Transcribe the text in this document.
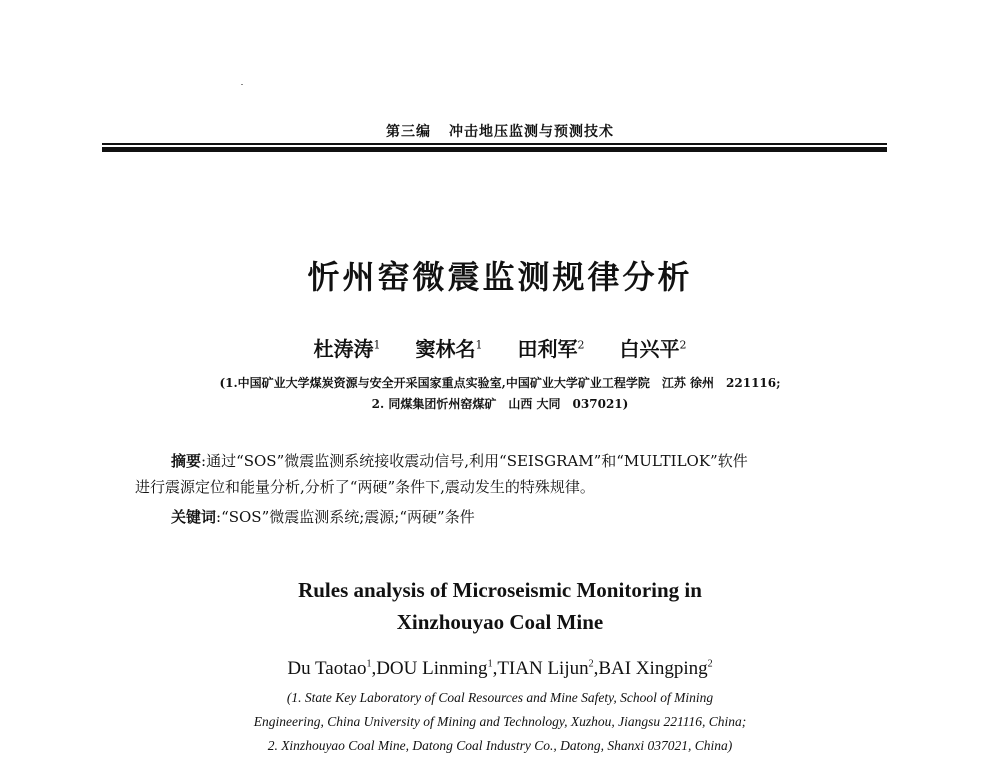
第三编 冲击地压监测与预测技术
忻州窑微震监测规律分析
杜涛涛$^1$ 窦林名$^1$ 田利军$^2$ 白兴平$^2$
(1.中国矿业大学煤炭资源与安全开采国家重点实验室,中国矿业大学矿业工程学院　江苏 徐州　221116;
2. 同煤集团忻州窑煤矿　山西 大同　037021)
摘要:通过“SOS”微震监测系统接收震动信号,利用“SEISGRAM”和“MULTILOK”软件
进行震源定位和能量分析,分析了“两硬”条件下,震动发生的特殊规律。
关键词:“SOS”微震监测系统;震源;“两硬”条件
Rules analysis of Microseismic Monitoring in
Xinzhouyao Coal Mine
Du Taotao$^1$,DOU Linming$^1$,TIAN Lijun$^2$,BAI Xingping$^2$
(1. State Key Laboratory of Coal Resources and Mine Safety, School of Mining
Engineering, China University of Mining and Technology, Xuzhou, Jiangsu 221116, China;
2. Xinzhouyao Coal Mine, Datong Coal Industry Co., Datong, Shanxi 037021, China)
